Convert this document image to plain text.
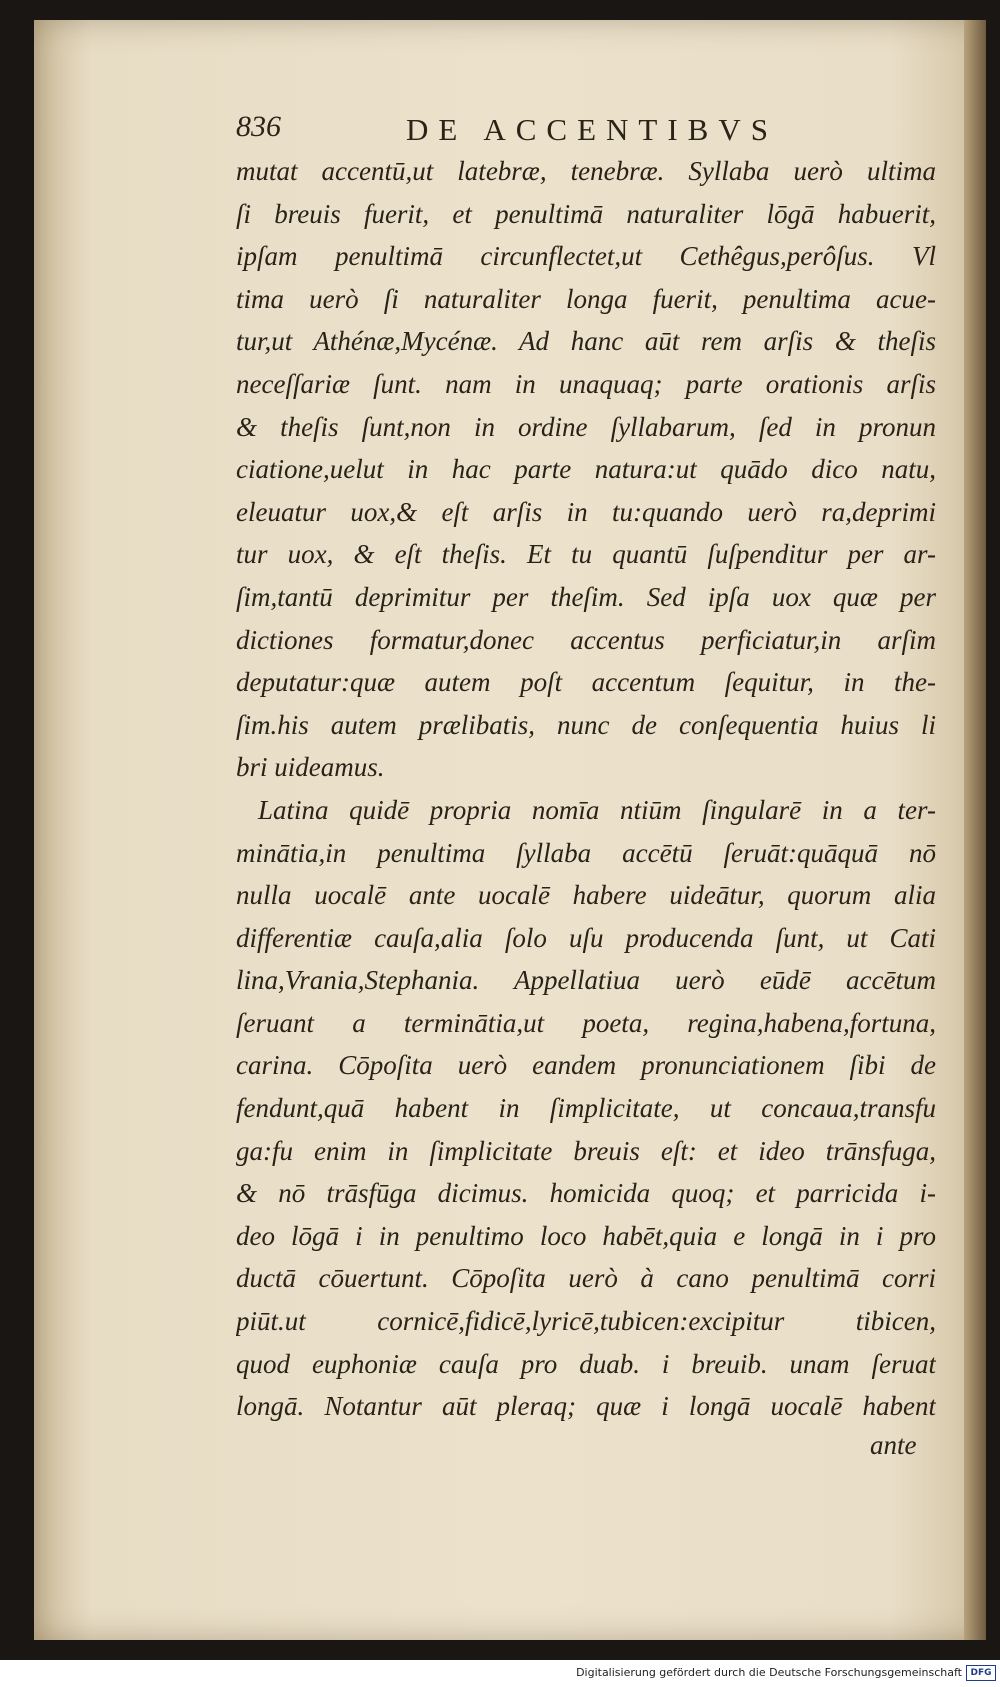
836	DE ACCENTIBVS
mutat accentū,ut latebræ, tenebræ. Syllaba uerò ultima
ſi breuis fuerit, et penultimā naturaliter lōgā habuerit,
ipſam penultimā circunflectet,ut Cethêgus,perôſus. Vl
tima uerò ſi naturaliter longa fuerit, penultima acue-
tur,ut Athénæ,Mycénæ. Ad hanc aūt rem arſis & theſis
neceſſariæ ſunt. nam in unaquaq; parte orationis arſis
& theſis ſunt,non in ordine ſyllabarum, ſed in pronun
ciatione,uelut in hac parte natura:ut quādo dico natu,
eleuatur uox,& eſt arſis in tu:quando uerò ra,deprimi
tur uox, & eſt theſis. Et tu quantū ſuſpenditur per ar-
ſim,tantū deprimitur per theſim. Sed ipſa uox quæ per
dictiones formatur,donec accentus perficiatur,in arſim
deputatur:quæ autem poſt accentum ſequitur, in the-
ſim.his autem prælibatis, nunc de conſequentia huius li
bri uideamus.
Latina quidē propria nomīa ntiūm ſingularē in a ter-
minātia,in penultima ſyllaba accētū ſeruāt:quāquā nō
nulla uocalē ante uocalē habere uideātur, quorum alia
differentiæ cauſa,alia ſolo uſu producenda ſunt, ut Cati
lina,Vrania,Stephania. Appellatiua uerò eūdē accētum
ſeruant a terminātia,ut poeta, regina,habena,fortuna,
carina. Cōpoſita uerò eandem pronunciationem ſibi de
fendunt,quā habent in ſimplicitate, ut concaua,transfu
ga:fu enim in ſimplicitate breuis eſt: et ideo trānsfuga,
& nō trāsfūga dicimus. homicida quoq; et parricida i-
deo lōgā i in penultimo loco habēt,quia e longā in i pro
ductā cōuertunt. Cōpoſita uerò à cano penultimā corri
piūt.ut cornicē,fidicē,lyricē,tubicen:excipitur tibicen,
quod euphoniæ cauſa pro duab. i breuib. unam ſeruat
longā. Notantur aūt pleraq; quæ i longā uocalē habent
ante
Digitalisierung gefördert durch die Deutsche Forschungsgemeinschaft DFG
